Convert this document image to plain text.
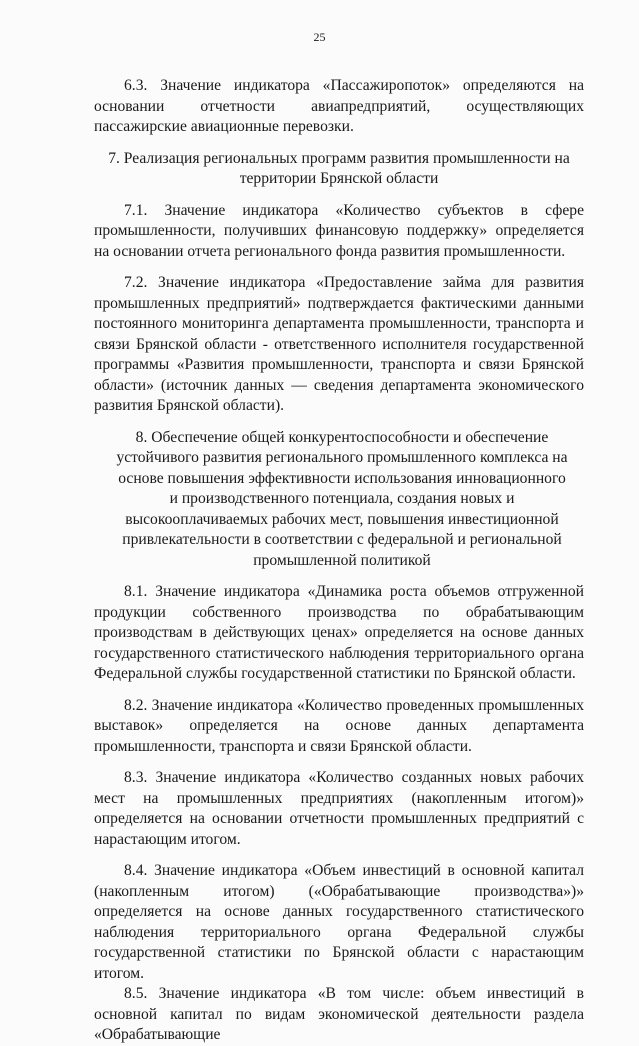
25

6.3. Значение индикатора «Пассажиропоток» определяются на основании отчетности авиапредприятий, осуществляющих пассажирские авиационные перевозки.

7. Реализация региональных программ развития промышленности на территории Брянской области

7.1. Значение индикатора «Количество субъектов в сфере промышленности, получивших финансовую поддержку» определяется на основании отчета регионального фонда развития промышленности.

7.2. Значение индикатора «Предоставление займа для развития промышленных предприятий» подтверждается фактическими данными постоянного мониторинга департамента промышленности, транспорта и связи Брянской области - ответственного исполнителя государственной программы «Развития промышленности, транспорта и связи Брянской области» (источник данных — сведения департамента экономического развития Брянской области).

8. Обеспечение общей конкурентоспособности и обеспечение устойчивого развития регионального промышленного комплекса на основе повышения эффективности использования инновационного и производственного потенциала, создания новых и высокооплачиваемых рабочих мест, повышения инвестиционной привлекательности в соответствии с федеральной и региональной промышленной политикой

8.1. Значение индикатора «Динамика роста объемов отгруженной продукции собственного производства по обрабатывающим производствам в действующих ценах» определяется на основе данных государственного статистического наблюдения территориального органа Федеральной службы государственной статистики по Брянской области.

8.2. Значение индикатора «Количество проведенных промышленных выставок» определяется на основе данных департамента промышленности, транспорта и связи Брянской области.

8.3. Значение индикатора «Количество созданных новых рабочих мест на промышленных предприятиях (накопленным итогом)» определяется на основании отчетности промышленных предприятий с нарастающим итогом.

8.4. Значение индикатора «Объем инвестиций в основной капитал (накопленным итогом) («Обрабатывающие производства»)» определяется на основе данных государственного статистического наблюдения территориального органа Федеральной службы государственной статистики по Брянской области с нарастающим итогом.

8.5. Значение индикатора «В том числе: объем инвестиций в основной капитал по видам экономической деятельности раздела «Обрабатывающие
